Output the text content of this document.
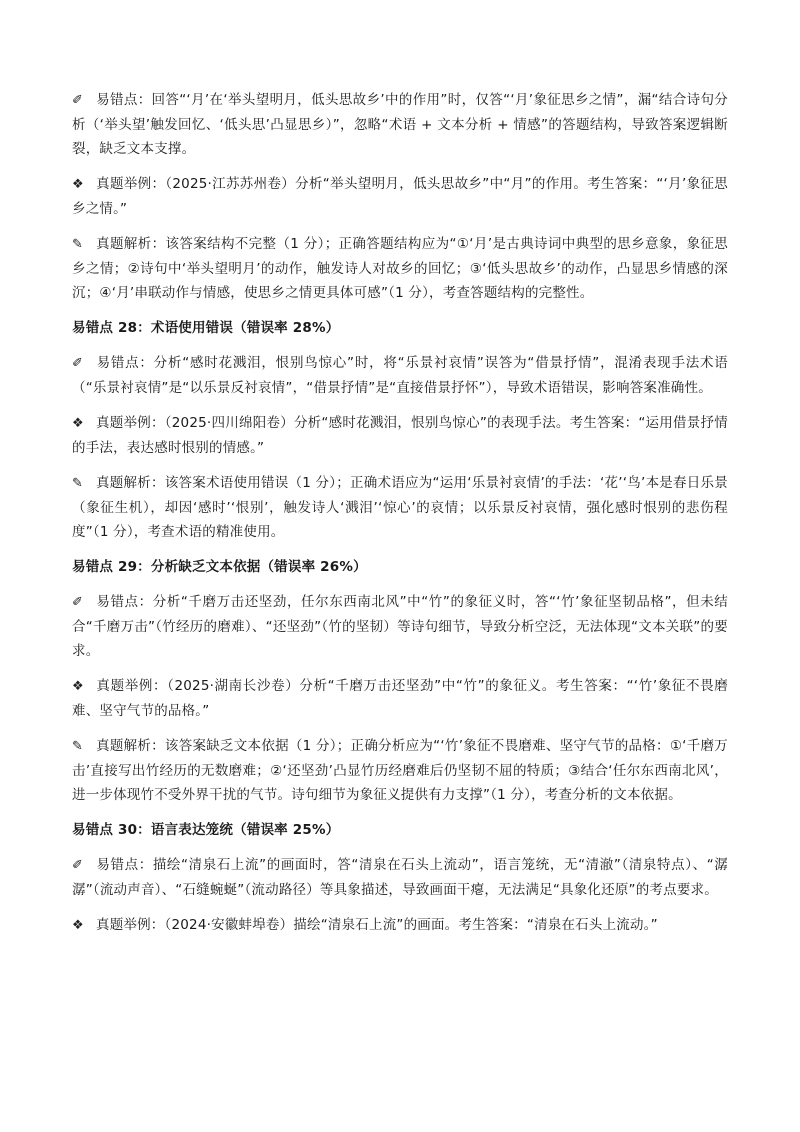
✐ 易错点：回答“‘月’在‘举头望明月，低头思故乡’中的作用”时，仅答“‘月’象征思乡之情”，漏“结合诗句分析（‘举头望’触发回忆、‘低头思’凸显思乡）”，忽略“术语 + 文本分析 + 情感”的答题结构，导致答案逻辑断裂，缺乏文本支撑。

❖ 真题举例：（2025·江苏苏州卷）分析“举头望明月，低头思故乡”中“月”的作用。考生答案：“‘月’象征思乡之情。”

✎ 真题解析：该答案结构不完整（1 分）；正确答题结构应为“①‘月’是古典诗词中典型的思乡意象，象征思乡之情；②诗句中‘举头望明月’的动作，触发诗人对故乡的回忆；③‘低头思故乡’的动作，凸显思乡情感的深沉；④‘月’串联动作与情感，使思乡之情更具体可感”（1 分），考查答题结构的完整性。

易错点 28：术语使用错误（错误率 28%）

✐ 易错点：分析“感时花溅泪，恨别鸟惊心”时，将“乐景衬哀情”误答为“借景抒情”，混淆表现手法术语（“乐景衬哀情”是“以乐景反衬哀情”，“借景抒情”是“直接借景抒怀”），导致术语错误，影响答案准确性。

❖ 真题举例：（2025·四川绵阳卷）分析“感时花溅泪，恨别鸟惊心”的表现手法。考生答案：“运用借景抒情的手法，表达感时恨别的情感。”

✎ 真题解析：该答案术语使用错误（1 分）；正确术语应为“运用‘乐景衬哀情’的手法：‘花’‘鸟’本是春日乐景（象征生机），却因‘感时’‘恨别’，触发诗人‘溅泪’‘惊心’的哀情；以乐景反衬哀情，强化感时恨别的悲伤程度”（1 分），考查术语的精准使用。

易错点 29：分析缺乏文本依据（错误率 26%）

✐ 易错点：分析“千磨万击还坚劲，任尔东西南北风”中“竹”的象征义时，答“‘竹’象征坚韧品格”，但未结合“千磨万击”（竹经历的磨难）、“还坚劲”（竹的坚韧）等诗句细节，导致分析空泛，无法体现“文本关联”的要求。

❖ 真题举例：（2025·湖南长沙卷）分析“千磨万击还坚劲”中“竹”的象征义。考生答案：“‘竹’象征不畏磨难、坚守气节的品格。”

✎ 真题解析：该答案缺乏文本依据（1 分）；正确分析应为“‘竹’象征不畏磨难、坚守气节的品格：①‘千磨万击’直接写出竹经历的无数磨难；②‘还坚劲’凸显竹历经磨难后仍坚韧不屈的特质；③结合‘任尔东西南北风’，进一步体现竹不受外界干扰的气节。诗句细节为象征义提供有力支撑”（1 分），考查分析的文本依据。

易错点 30：语言表达笼统（错误率 25%）

✐ 易错点：描绘“清泉石上流”的画面时，答“清泉在石头上流动”，语言笼统，无“清澈”（清泉特点）、“潺潺”（流动声音）、“石缝蜿蜒”（流动路径）等具象描述，导致画面干瘪，无法满足“具象化还原”的考点要求。

❖ 真题举例：（2024·安徽蚌埠卷）描绘“清泉石上流”的画面。考生答案：“清泉在石头上流动。”
